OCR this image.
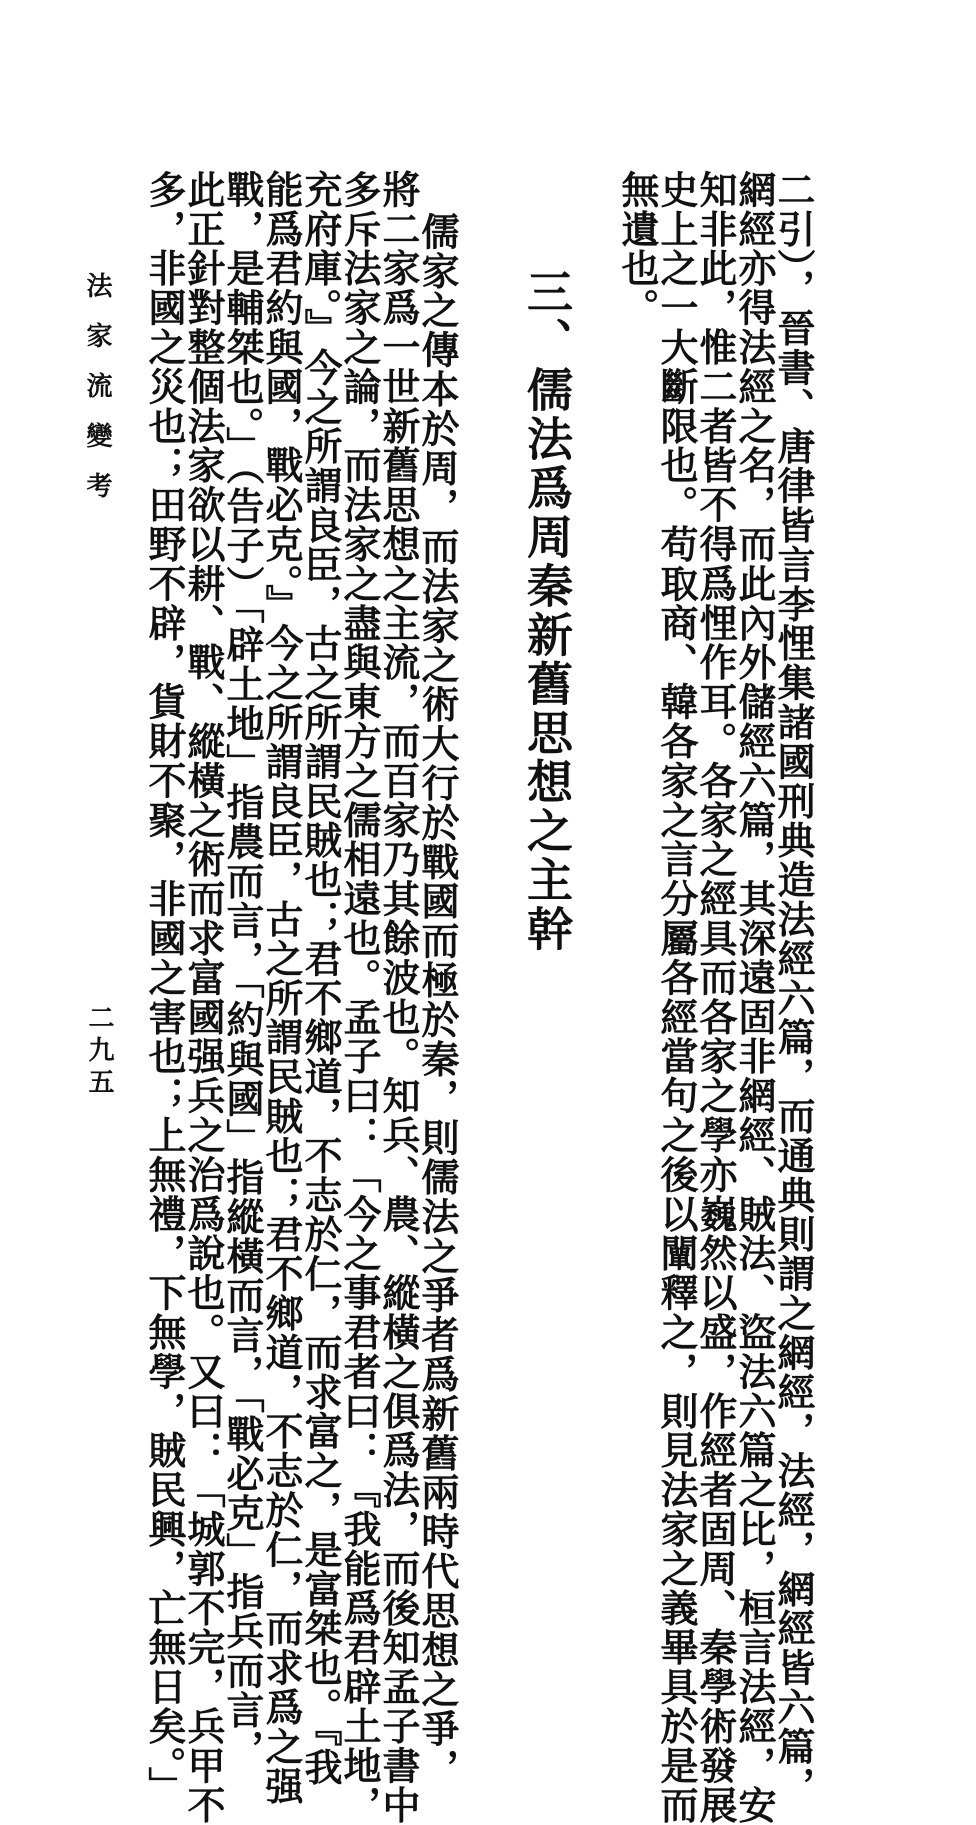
二引），晉書、唐律皆言李悝集諸國刑典造法經六篇，而通典則謂之網經，法經，網經皆六篇，
網經亦得法經之名，而此內外儲經六篇，其深遠固非網經、賊法、盜法六篇之比，桓言法經，安
知非此，惟二者皆不得爲悝作耳。各家之經具而各家之學亦巍然以盛，作經者固周、秦學術發展
史上之一大斷限也。苟取商、韓各家之言分屬各經當句之後以闡釋之，則見法家之義畢具於是而
無遺也。
三、儒法爲周秦新舊思想之主幹
儒家之傳本於周，而法家之術大行於戰國而極於秦，則儒法之爭者爲新舊兩時代思想之爭，
將二家爲一世新舊思想之主流，而百家乃其餘波也。知兵、農、縱橫之俱爲法，而後知孟子書中
多斥法家之論，而法家之盡與東方之儒相遠也。孟子曰：「今之事君者曰：『我能爲君辟土地，
充府庫。』今之所謂良臣，古之所謂民賊也；君不鄉道，不志於仁，而求富之，是富桀也。『我
能爲君約與國，戰必克。』今之所謂良臣，古之所謂民賊也；君不鄉道，不志於仁，而求爲之强
戰，是輔桀也。」（告子）「辟土地」指農而言，「約與國」指縱橫而言，「戰必克」指兵而言，
此正針對整個法家欲以耕、戰、縱橫之術而求富國强兵之治爲說也。又曰：「城郭不完，兵甲不
多，非國之災也；田野不辟，貨財不聚，非國之害也；上無禮，下無學，賊民興，亡無日矣。」
法家流變考
二九五
